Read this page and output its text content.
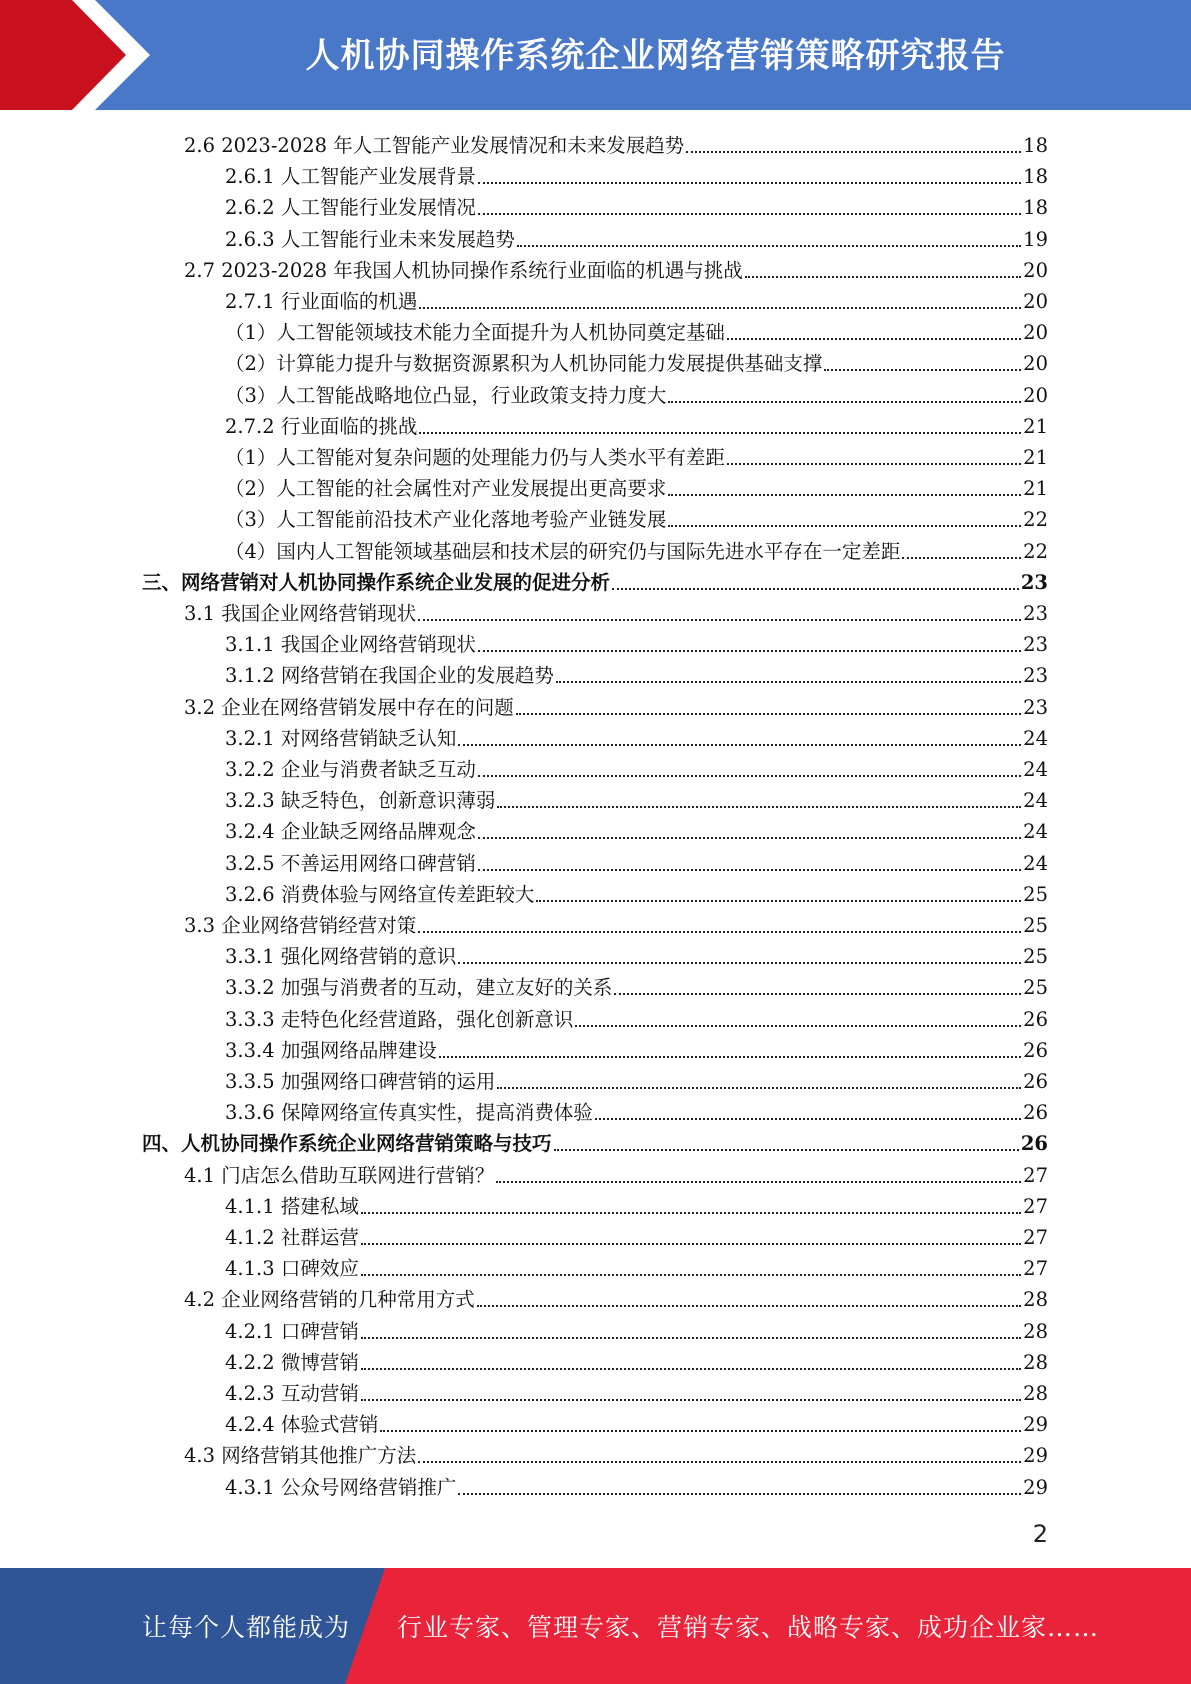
人机协同操作系统企业网络营销策略研究报告
2.6 2023-2028 年人工智能产业发展情况和未来发展趋势	18
2.6.1 人工智能产业发展背景	18
2.6.2 人工智能行业发展情况	18
2.6.3 人工智能行业未来发展趋势	19
2.7 2023-2028 年我国人机协同操作系统行业面临的机遇与挑战	20
2.7.1 行业面临的机遇	20
（1）人工智能领域技术能力全面提升为人机协同奠定基础	20
（2）计算能力提升与数据资源累积为人机协同能力发展提供基础支撑	20
（3）人工智能战略地位凸显，行业政策支持力度大	20
2.7.2 行业面临的挑战	21
（1）人工智能对复杂问题的处理能力仍与人类水平有差距	21
（2）人工智能的社会属性对产业发展提出更高要求	21
（3）人工智能前沿技术产业化落地考验产业链发展	22
（4）国内人工智能领域基础层和技术层的研究仍与国际先进水平存在一定差距	22
三、网络营销对人机协同操作系统企业发展的促进分析	23
3.1 我国企业网络营销现状	23
3.1.1 我国企业网络营销现状	23
3.1.2 网络营销在我国企业的发展趋势	23
3.2 企业在网络营销发展中存在的问题	23
3.2.1 对网络营销缺乏认知	24
3.2.2 企业与消费者缺乏互动	24
3.2.3 缺乏特色，创新意识薄弱	24
3.2.4 企业缺乏网络品牌观念	24
3.2.5 不善运用网络口碑营销	24
3.2.6 消费体验与网络宣传差距较大	25
3.3 企业网络营销经营对策	25
3.3.1 强化网络营销的意识	25
3.3.2 加强与消费者的互动，建立友好的关系	25
3.3.3 走特色化经营道路，强化创新意识	26
3.3.4 加强网络品牌建设	26
3.3.5 加强网络口碑营销的运用	26
3.3.6 保障网络宣传真实性，提高消费体验	26
四、人机协同操作系统企业网络营销策略与技巧	26
4.1 门店怎么借助互联网进行营销？	27
4.1.1 搭建私域	27
4.1.2 社群运营	27
4.1.3 口碑效应	27
4.2 企业网络营销的几种常用方式	28
4.2.1 口碑营销	28
4.2.2 微博营销	28
4.2.3 互动营销	28
4.2.4 体验式营销	29
4.3 网络营销其他推广方法	29
4.3.1 公众号网络营销推广	29
2
让每个人都能成为 行业专家、管理专家、营销专家、战略专家、成功企业家……
